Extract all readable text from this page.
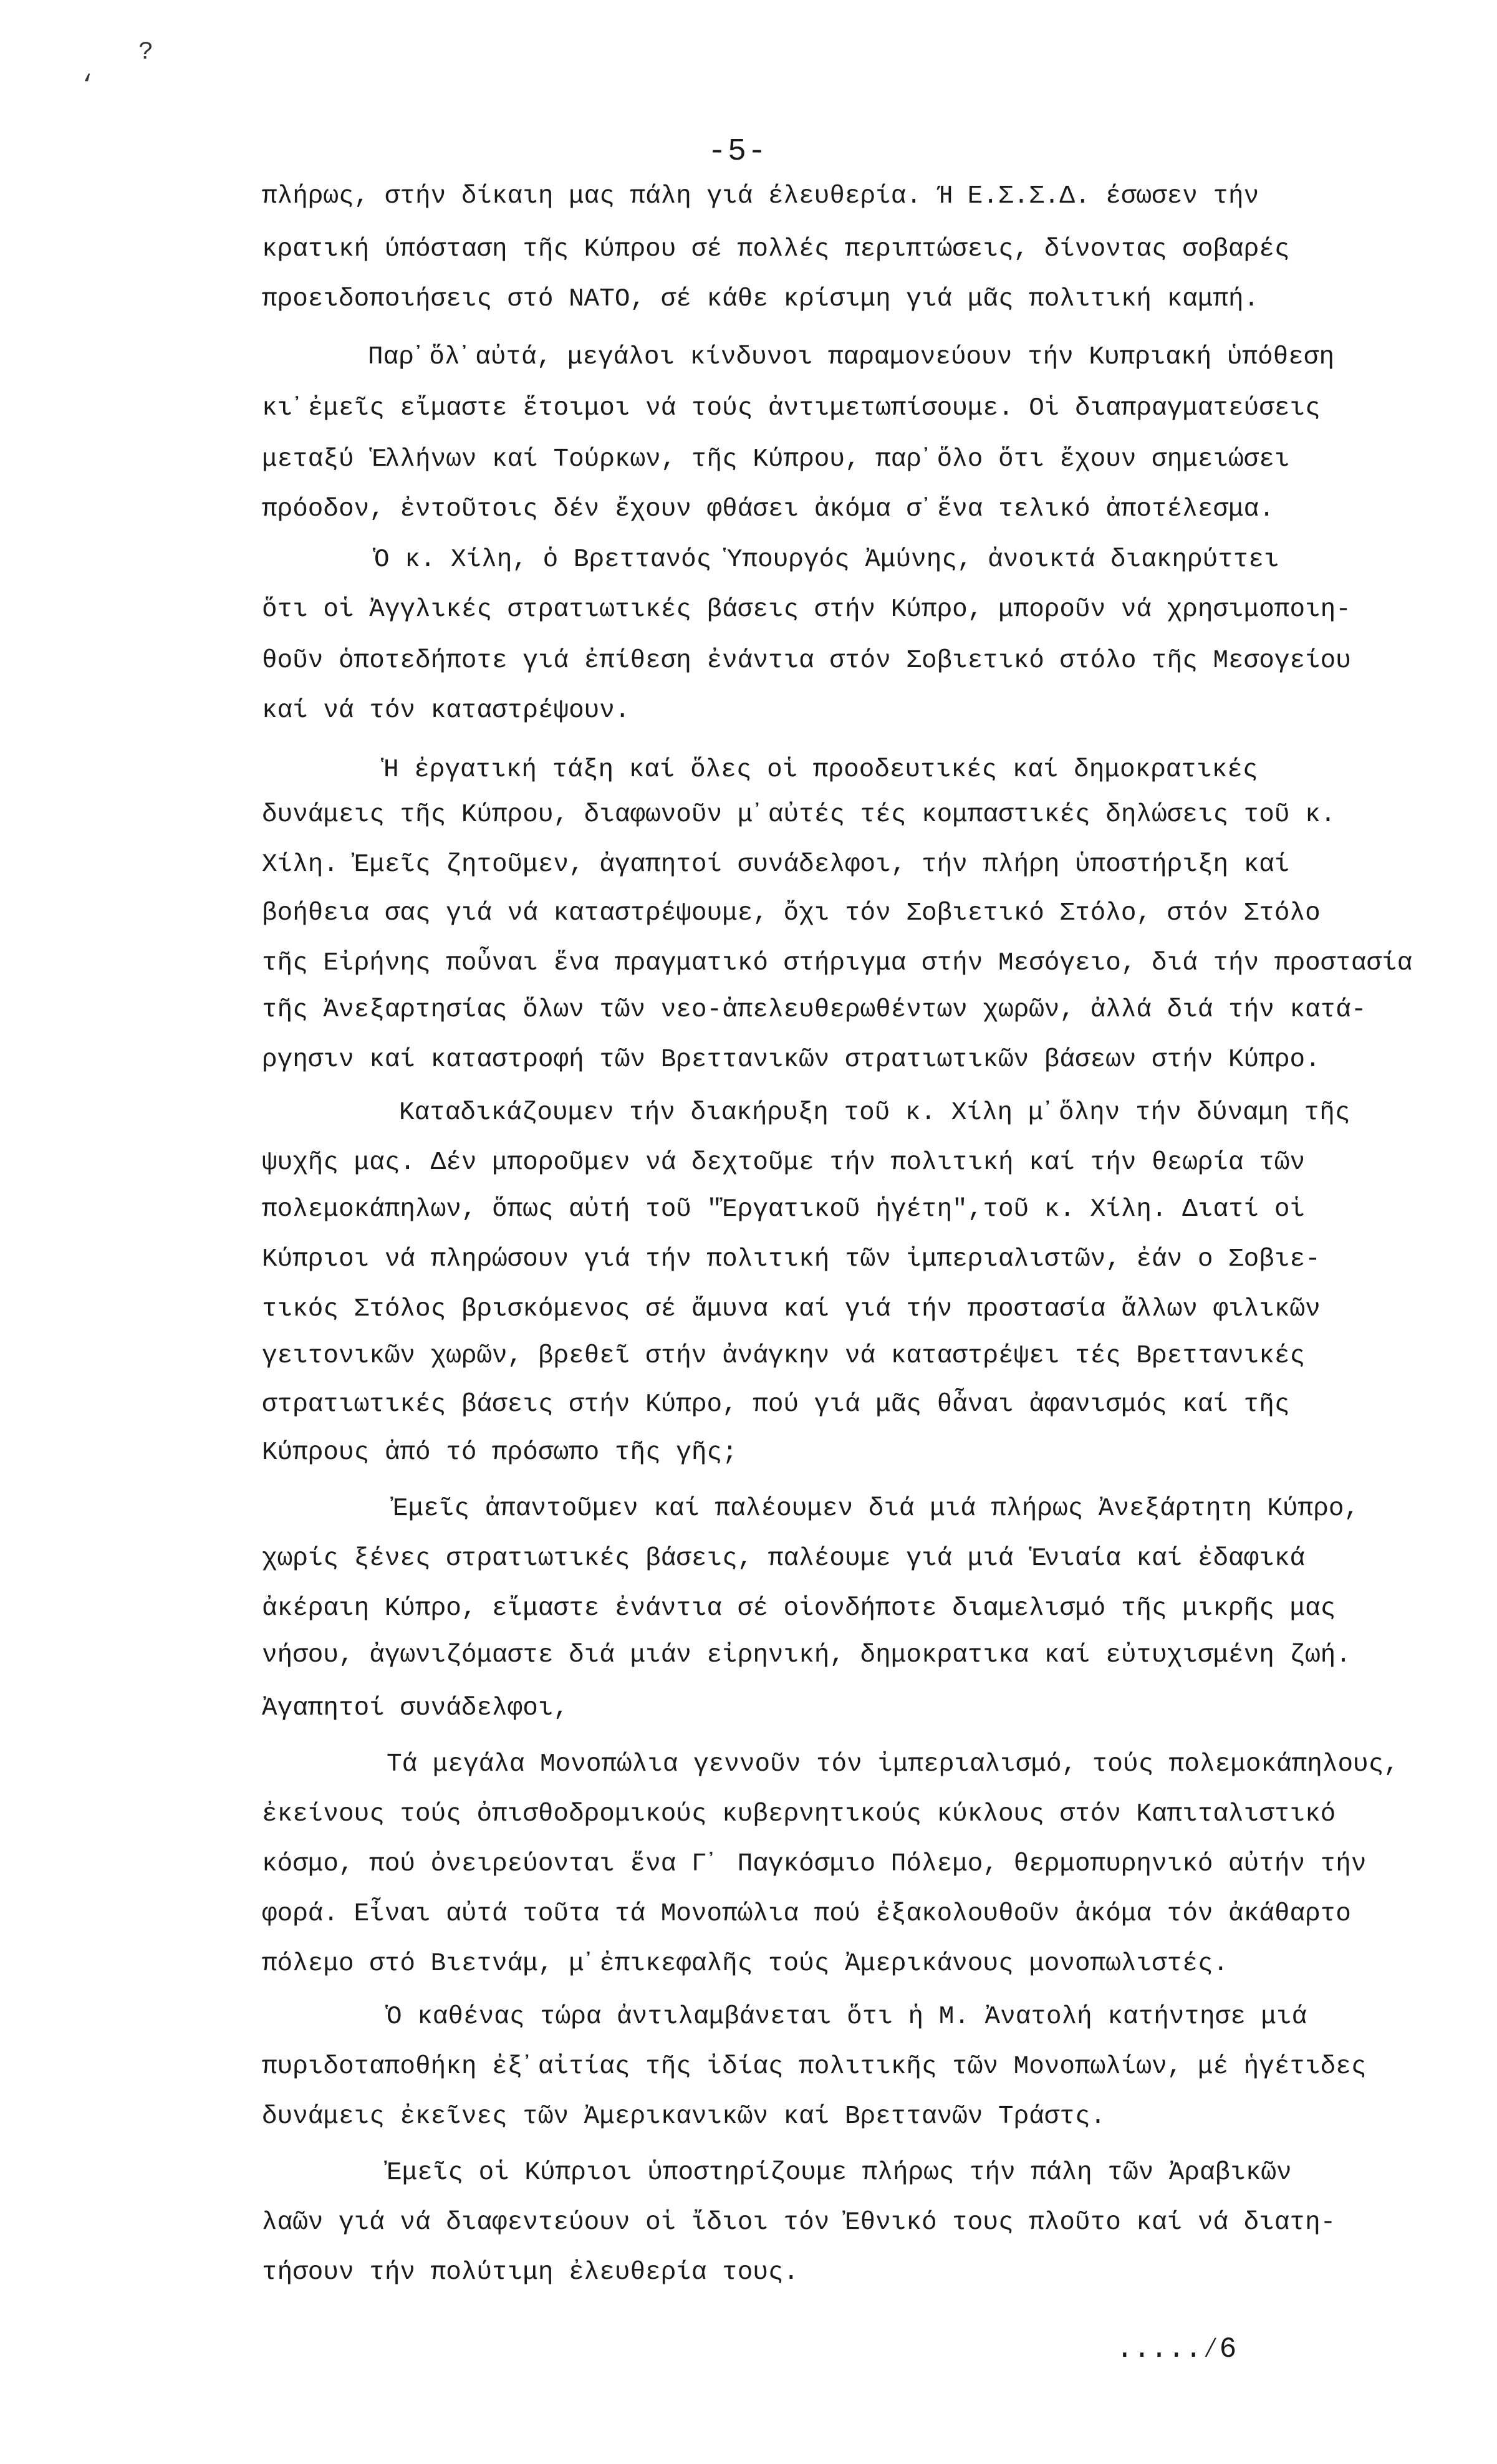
?
‘
-5-
πλήρως, στήν δίκαιη μας πάλη γιά έλευθερία. Ή Ε.Σ.Σ.Δ. έσωσεν τήν
κρατική ύπόσταση τῆς Κύπρου σέ πολλές περιπτώσεις, δίνοντας σοβαρές
προειδοποιήσεις στό ΝΑΤΟ, σέ κάθε κρίσιμη γιά μᾶς πολιτική καμπή.
Παρ᾽ὅλ᾽αὐτά, μεγάλοι κίνδυνοι παραμονεύουν τήν Κυπριακή ὑπόθεση
κι᾽ἐμεῖς εἴμαστε ἕτοιμοι νά τούς ἀντιμετωπίσουμε. Οἱ διαπραγματεύσεις
μεταξύ Ἑλλήνων καί Τούρκων, τῆς Κύπρου, παρ᾽ὅλο ὅτι ἔχουν σημειώσει
πρόοδον, ἐντοῦτοις δέν ἔχουν φθάσει ἀκόμα σ᾽ἕνα τελικό ἀποτέλεσμα.
Ὁ κ. Χίλη, ὁ Βρεττανός Ὑπουργός Ἀμύνης, ἀνοικτά διακηρύττει
ὅτι οἱ Ἀγγλικές στρατιωτικές βάσεις στήν Κύπρο, μποροῦν νά χρησιμοποιη-
θοῦν ὁποτεδήποτε γιά ἐπίθεση ἐνάντια στόν Σοβιετικό στόλο τῆς Μεσογείου
καί νά τόν καταστρέψουν.
Ἡ ἐργατική τάξη καί ὅλες οἱ προοδευτικές καί δημοκρατικές
δυνάμεις τῆς Κύπρου, διαφωνοῦν μ᾽αὐτές τές κομπαστικές δηλώσεις τοῦ κ.
Χίλη. Ἐμεῖς ζητοῦμεν, ἀγαπητοί συνάδελφοι, τήν πλήρη ὑποστήριξη καί
βοήθεια σας γιά νά καταστρέψουμε, ὄχι τόν Σοβιετικό Στόλο, στόν Στόλο
τῆς Εἰρήνης ποὖναι ἕνα πραγματικό στήριγμα στήν Μεσόγειο, διά τήν προστασία
τῆς Ἀνεξαρτησίας ὅλων τῶν νεο-ἀπελευθερωθέντων χωρῶν, ἀλλά διά τήν κατά-
ργησιν καί καταστροφή τῶν Βρεττανικῶν στρατιωτικῶν βάσεων στήν Κύπρο.
Καταδικάζουμεν τήν διακήρυξη τοῦ κ. Χίλη μ᾽ὅλην τήν δύναμη τῆς
ψυχῆς μας. Δέν μποροῦμεν νά δεχτοῦμε τήν πολιτική καί τήν θεωρία τῶν
πολεμοκάπηλων, ὅπως αὐτή τοῦ "Ἐργατικοῦ ἡγέτη",τοῦ κ. Χίλη. Διατί οἱ
Κύπριοι νά πληρώσουν γιά τήν πολιτική τῶν ἰμπεριαλιστῶν, ἐάν ο Σοβιε-
τικός Στόλος βρισκόμενος σέ ἄμυνα καί γιά τήν προστασία ἄλλων φιλικῶν
γειτονικῶν χωρῶν, βρεθεῖ στήν ἀνάγκην νά καταστρέψει τές Βρεττανικές
στρατιωτικές βάσεις στήν Κύπρο, πού γιά μᾶς θἆναι ἀφανισμός καί τῆς
Κύπρους ἀπό τό πρόσωπο τῆς γῆς;
Ἐμεῖς ἀπαντοῦμεν καί παλέουμεν διά μιά πλήρως Ἀνεξάρτητη Κύπρο,
χωρίς ξένες στρατιωτικές βάσεις, παλέουμε γιά μιά Ἑνιαία καί ἐδαφικά
ἀκέραιη Κύπρο, εἴμαστε ἐνάντια σέ οἱονδήποτε διαμελισμό τῆς μικρῆς μας
νήσου, ἀγωνιζόμαστε διά μιάν εἰρηνική, δημοκρατικα καί εὐτυχισμένη ζωή.
Ἀγαπητοί συνάδελφοι,
Τά μεγάλα Μονοπώλια γεννοῦν τόν ἰμπεριαλισμό, τούς πολεμοκάπηλους,
ἐκείνους τούς ὀπισθοδρομικούς κυβερνητικούς κύκλους στόν Καπιταλιστικό
κόσμο, πού ὀνειρεύονται ἕνα Γ᾽ Παγκόσμιο Πόλεμο, θερμοπυρηνικό αὐτήν τήν
φορά. Εἶναι αὐτά τοῦτα τά Μονοπώλια πού ἐξακολουθοῦν ἀκόμα τόν ἀκάθαρτο
πόλεμο στό Βιετνάμ, μ᾽ἐπικεφαλῆς τούς Ἀμερικάνους μονοπωλιστές.
Ὁ καθένας τώρα ἀντιλαμβάνεται ὅτι ἡ Μ. Ἀνατολή κατήντησε μιά
πυριδοταποθήκη ἐξ᾽αἰτίας τῆς ἰδίας πολιτικῆς τῶν Μονοπωλίων, μέ ἡγέτιδες
δυνάμεις ἐκεῖνες τῶν Ἀμερικανικῶν καί Βρεττανῶν Τράστς.
Ἐμεῖς οἱ Κύπριοι ὑποστηρίζουμε πλήρως τήν πάλη τῶν Ἀραβικῶν
λαῶν γιά νά διαφεντεύουν οἱ ἴδιοι τόν Ἐθνικό τους πλοῦτο καί νά διατη-
τήσουν τήν πολύτιμη ἐλευθερία τους.
.....∕6
